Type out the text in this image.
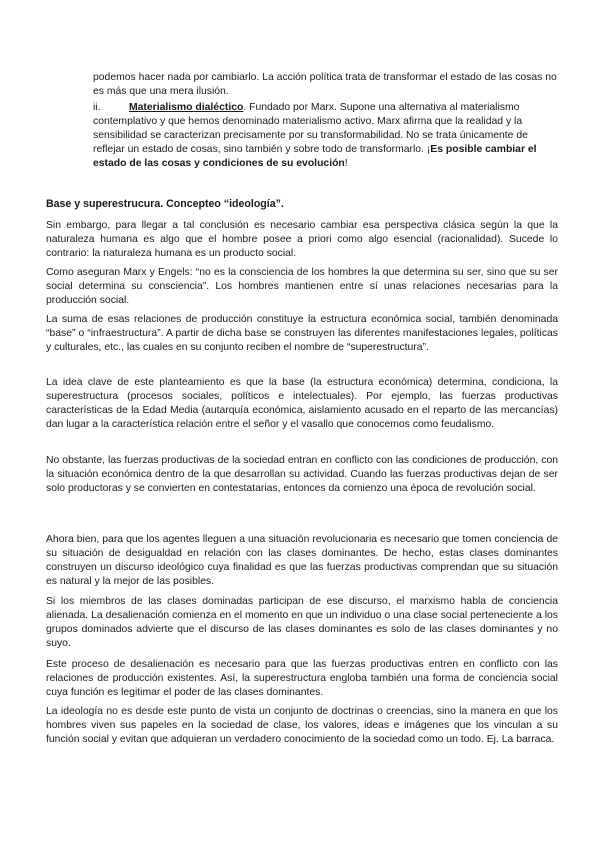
podemos hacer nada por cambiarlo. La acción política trata de transformar el estado de las cosas no es más que una mera ilusión.

ii.	Materialismo dialéctico. Fundado por Marx. Supone una alternativa al materialismo contemplativo y que hemos denominado materialismo activo. Marx afirma que la realidad y la sensibilidad se caracterizan precisamente por su transformabilidad. No se trata únicamente de reflejar un estado de cosas, sino también y sobre todo de transformarlo. ¡Es posible cambiar el estado de las cosas y condiciones de su evolución!

Base y superestrucura. Concepteo “ideología”.

Sin embargo, para llegar a tal conclusión es necesario cambiar esa perspectiva clásica según la que la naturaleza humana es algo que el hombre posee a priori como algo esencial (racionalidad). Sucede lo contrario: la naturaleza humana es un producto social.

Como aseguran Marx y Engels: “no es la consciencia de los hombres la que determina su ser, sino que su ser social determina su consciencia”. Los hombres mantienen entre sí unas relaciones necesarias para la producción social.

La suma de esas relaciones de producción constituye la estructura económica social, también denominada “base” o “infraestructura”. A partir de dicha base se construyen las diferentes manifestaciones legales, políticas y culturales, etc., las cuales en su conjunto reciben el nombre de “superestructura”.

La idea clave de este planteamiento es que la base (la estructura económica) determina, condiciona, la superestructura (procesos sociales, políticos e intelectuales). Por ejemplo, las fuerzas productivas características de la Edad Media (autarquía económica, aislamiento acusado en el reparto de las mercancías) dan lugar a la característica relación entre el señor y el vasallo que conocemos como feudalismo.

No obstante, las fuerzas productivas de la sociedad entran en conflicto con las condiciones de producción, con la situación económica dentro de la que desarrollan su actividad. Cuando las fuerzas productivas dejan de ser solo productoras y se convierten en contestatarias, entonces da comienzo una época de revolución social.

Ahora bien, para que los agentes lleguen a una situación revolucionaria es necesario que tomen conciencia de su situación de desigualdad en relación con las clases dominantes. De hecho, estas clases dominantes construyen un discurso ideológico cuya finalidad es que las fuerzas productivas comprendan que su situación es natural y la mejor de las posibles.

Si los miembros de las clases dominadas participan de ese discurso, el marxismo habla de conciencia alienada. La desalienación comienza en el momento en que un individuo o una clase social perteneciente a los grupos dominados advierte que el discurso de las clases dominantes es solo de las clases dominantes y no suyo.

Este proceso de desalienación es necesario para que las fuerzas productivas entren en conflicto con las relaciones de producción existentes. Así, la superestructura engloba también una forma de conciencia social cuya función es legitimar el poder de las clases dominantes.

La ideología no es desde este punto de vista un conjunto de doctrinas o creencias, sino la manera en que los hombres viven sus papeles en la sociedad de clase, los valores, ideas e imágenes que los vinculan a su función social y evitan que adquieran un verdadero conocimiento de la sociedad como un todo. Ej. La barraca.
